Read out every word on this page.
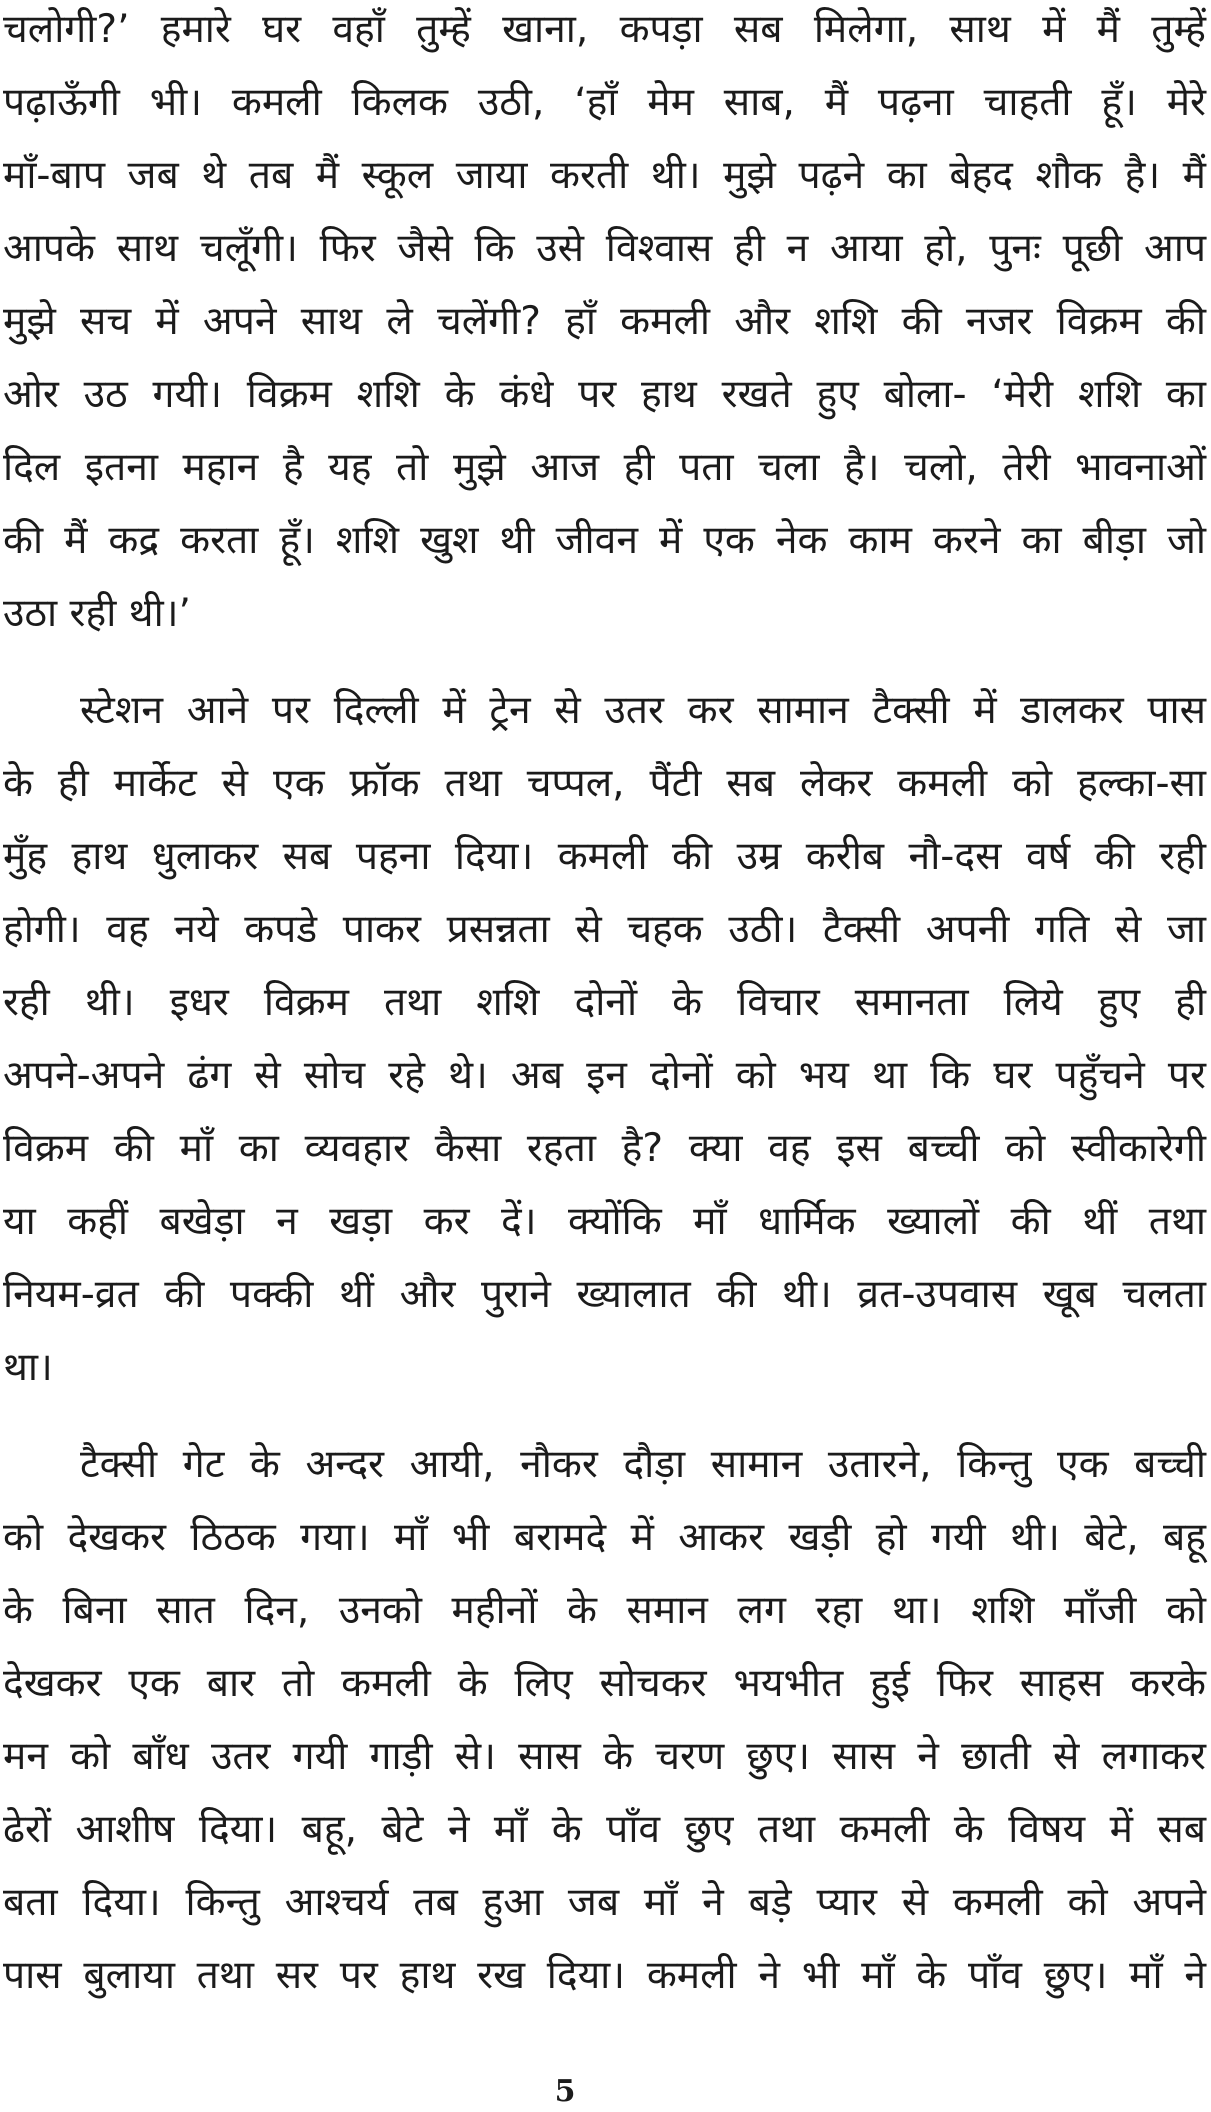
चलोगी?’ हमारे घर वहाँ तुम्हें खाना, कपड़ा सब मिलेगा, साथ में मैं तुम्हें
पढ़ाऊँगी भी। कमली किलक उठी, ‘हाँ मेम साब, मैं पढ़ना चाहती हूँ। मेरे
माँ-बाप जब थे तब मैं स्कूल जाया करती थी। मुझे पढ़ने का बेहद शौक है। मैं
आपके साथ चलूँगी। फिर जैसे कि उसे विश्वास ही न आया हो, पुनः पूछी आप
मुझे सच में अपने साथ ले चलेंगी? हाँ कमली और शशि की नजर विक्रम की
ओर उठ गयी। विक्रम शशि के कंधे पर हाथ रखते हुए बोला- ‘मेरी शशि का
दिल इतना महान है यह तो मुझे आज ही पता चला है। चलो, तेरी भावनाओं
की मैं कद्र करता हूँ। शशि खुश थी जीवन में एक नेक काम करने का बीड़ा जो
उठा रही थी।’
स्टेशन आने पर दिल्ली में ट्रेन से उतर कर सामान टैक्सी में डालकर पास
के ही मार्केट से एक फ्रॉक तथा चप्पल, पैंटी सब लेकर कमली को हल्का-सा
मुँह हाथ धुलाकर सब पहना दिया। कमली की उम्र करीब नौ-दस वर्ष की रही
होगी। वह नये कपडे पाकर प्रसन्नता से चहक उठी। टैक्सी अपनी गति से जा
रही थी। इधर विक्रम तथा शशि दोनों के विचार समानता लिये हुए ही
अपने-अपने ढंग से सोच रहे थे। अब इन दोनों को भय था कि घर पहुँचने पर
विक्रम की माँ का व्यवहार कैसा रहता है? क्या वह इस बच्ची को स्वीकारेगी
या कहीं बखेड़ा न खड़ा कर दें। क्योंकि माँ धार्मिक ख्यालों की थीं तथा
नियम-व्रत की पक्की थीं और पुराने ख्यालात की थी। व्रत-उपवास खूब चलता
था।
टैक्सी गेट के अन्दर आयी, नौकर दौड़ा सामान उतारने, किन्तु एक बच्ची
को देखकर ठिठक गया। माँ भी बरामदे में आकर खड़ी हो गयी थी। बेटे, बहू
के बिना सात दिन, उनको महीनों के समान लग रहा था। शशि माँजी को
देखकर एक बार तो कमली के लिए सोचकर भयभीत हुई फिर साहस करके
मन को बाँध उतर गयी गाड़ी से। सास के चरण छुए। सास ने छाती से लगाकर
ढेरों आशीष दिया। बहू, बेटे ने माँ के पाँव छुए तथा कमली के विषय में सब
बता दिया। किन्तु आश्चर्य तब हुआ जब माँ ने बड़े प्यार से कमली को अपने
पास बुलाया तथा सर पर हाथ रख दिया। कमली ने भी माँ के पाँव छुए। माँ ने
5
